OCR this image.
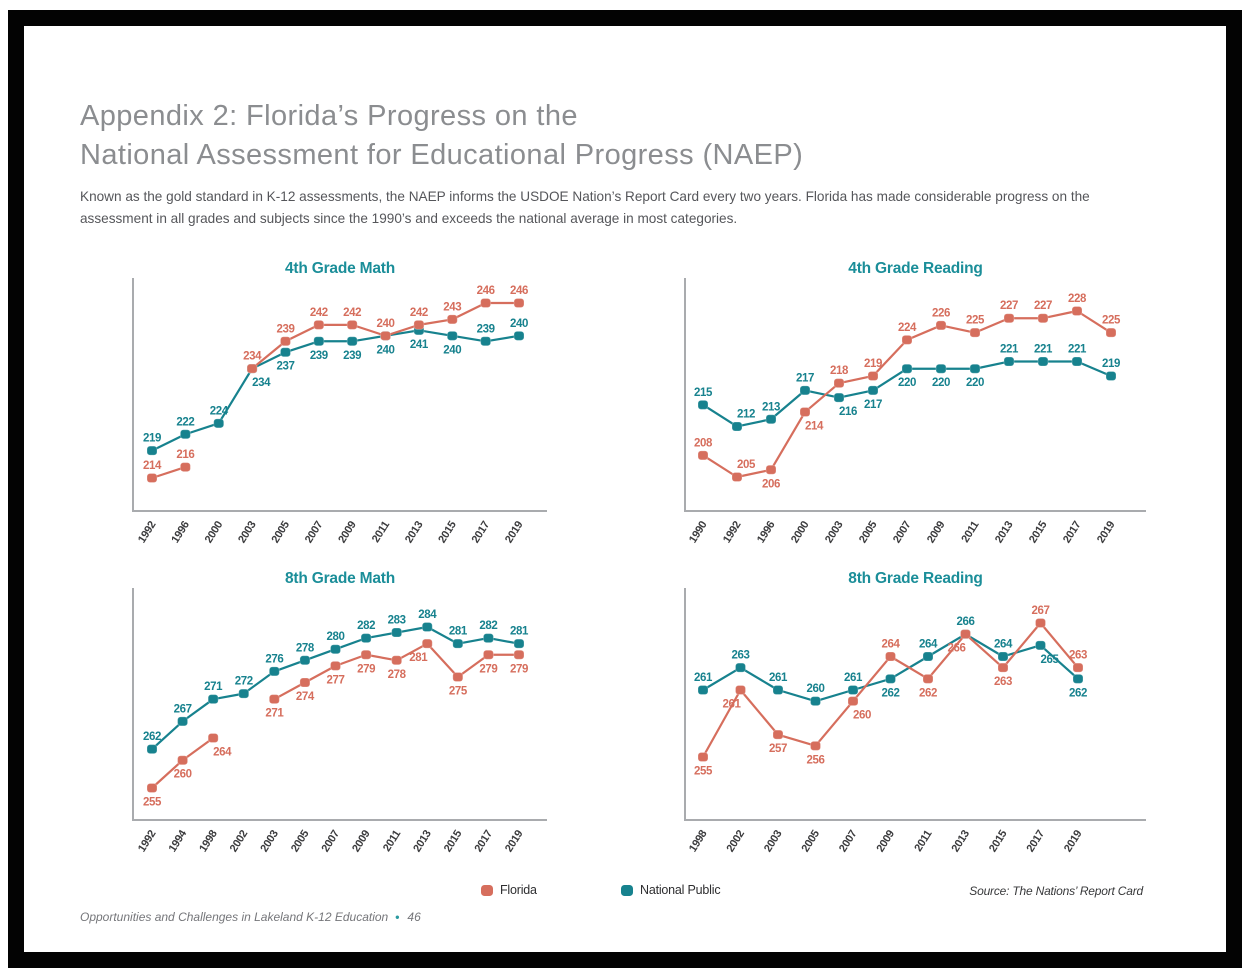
Appendix 2: Florida’s Progress on the
National Assessment for Educational Progress (NAEP)
Known as the gold standard in K-12 assessments, the NAEP informs the USDOE Nation’s Report Card every two years. Florida has made considerable progress on the assessment in all grades and subjects since the 1990’s and exceeds the national average in most categories.
4th Grade Math
1992 1996 2000 2003 2005 2007 2009 2011 2013 2015 2017 2019
219
222
224
234
237
239 239 240 241 240
239 240
214
216
234
239
242 242
240
242 243
246 246
4th Grade Reading
1990 1992 1996 2000 2003 2005 2007 2009 2011 2013 2015 2017 2019
215
212
213
217
216
217
220 220 220
221 221 221
219
208
205
206
214
218
219
224
226
225
227 227
228
225
8th Grade Math
1992 1994 1998 2002 2003 2005 2007 2009 2011 2013 2015 2017 2019
262
267
271 272
276
278
280
282 283 284
281 282 281
255
260
264
271
274
277
279 278
281
275
279 279
8th Grade Reading
1998 2002 2003 2005 2007 2009 2011 2013 2015 2017 2019
261
263
261
260
261
262
264
266
264
265
262
255
261
257
256
260
264
262
266
263
267
263
Florida	National Public	Source: The Nations’ Report Card
Opportunities and Challenges in Lakeland K-12 Education • 46
